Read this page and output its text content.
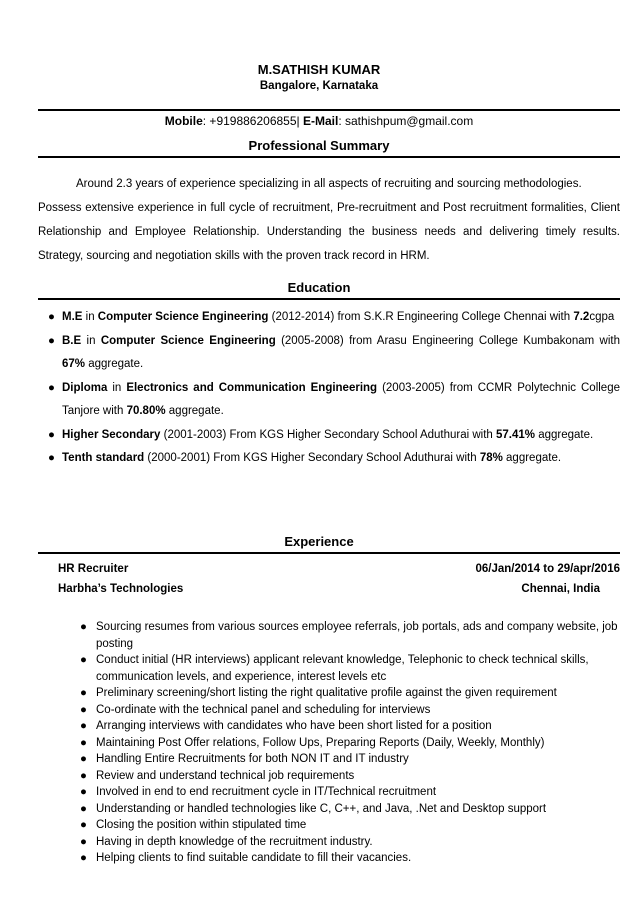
M.SATHISH KUMAR
Bangalore, Karnataka
Mobile: +919886206855| E-Mail: sathishpum@gmail.com
Professional Summary
Around 2.3 years of experience specializing in all aspects of recruiting and sourcing methodologies.
Possess extensive experience in full cycle of recruitment, Pre-recruitment and Post recruitment formalities, Client Relationship and Employee Relationship. Understanding the business needs and delivering timely results. Strategy, sourcing and negotiation skills with the proven track record in HRM.
Education
● M.E in Computer Science Engineering (2012-2014) from S.K.R Engineering College Chennai with 7.2cgpa
● B.E in Computer Science Engineering (2005-2008) from Arasu Engineering College Kumbakonam with 67% aggregate.
● Diploma in Electronics and Communication Engineering (2003-2005) from CCMR Polytechnic College Tanjore with 70.80% aggregate.
● Higher Secondary (2001-2003) From KGS Higher Secondary School Aduthurai with 57.41% aggregate.
● Tenth standard (2000-2001) From KGS Higher Secondary School Aduthurai with 78% aggregate.
Experience
HR Recruiter	06/Jan/2014 to 29/apr/2016
Harbha’s Technologies	Chennai, India
● Sourcing resumes from various sources employee referrals, job portals, ads and company website, job posting
● Conduct initial (HR interviews) applicant relevant knowledge, Telephonic to check technical skills, communication levels, and experience, interest levels etc
● Preliminary screening/short listing the right qualitative profile against the given requirement
● Co-ordinate with the technical panel and scheduling for interviews
● Arranging interviews with candidates who have been short listed for a position
● Maintaining Post Offer relations, Follow Ups, Preparing Reports (Daily, Weekly, Monthly)
● Handling Entire Recruitments for both NON IT and IT industry
● Review and understand technical job requirements
● Involved in end to end recruitment cycle in IT/Technical recruitment
● Understanding or handled technologies like C, C++, and Java, .Net and Desktop support
● Closing the position within stipulated time
● Having in depth knowledge of the recruitment industry.
● Helping clients to find suitable candidate to fill their vacancies.
